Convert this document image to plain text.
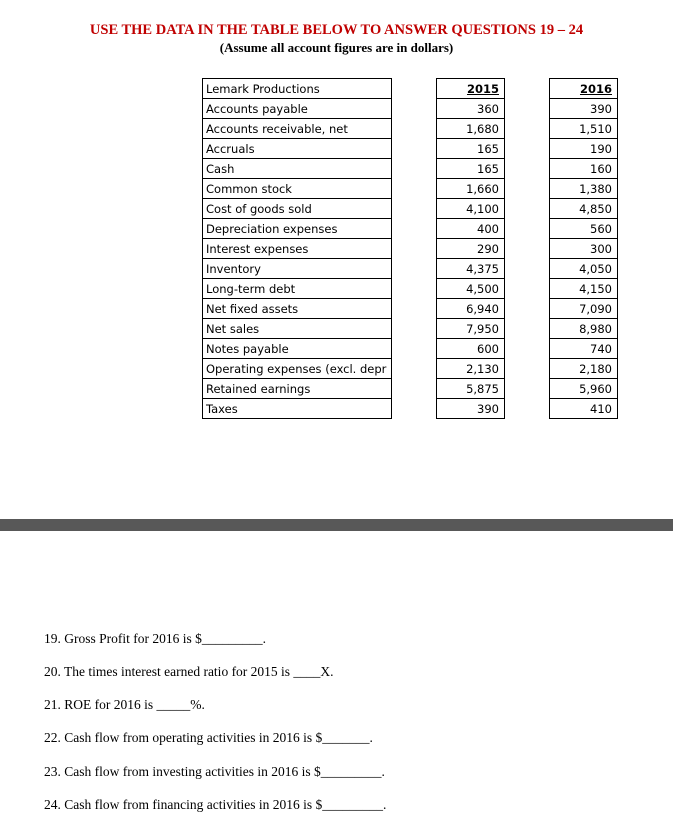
USE THE DATA IN THE TABLE BELOW TO ANSWER QUESTIONS 19 – 24
(Assume all account figures are in dollars)
Lemark Productions		2015		2016
Accounts payable		360		390
Accounts receivable, net		1,680		1,510
Accruals		165		190
Cash		165		160
Common stock		1,660		1,380
Cost of goods sold		4,100		4,850
Depreciation expenses		400		560
Interest expenses		290		300
Inventory		4,375		4,050
Long-term debt		4,500		4,150
Net fixed assets		6,940		7,090
Net sales		7,950		8,980
Notes payable		600		740
Operating expenses (excl. depr		2,130		2,180
Retained earnings		5,875		5,960
Taxes		390		410
19. Gross Profit for 2016 is $_________.
20. The times interest earned ratio for 2015 is ____X.
21. ROE for 2016 is _____%.
22. Cash flow from operating activities in 2016 is $_______.
23. Cash flow from investing activities in 2016 is $_________.
24. Cash flow from financing activities in 2016 is $_________.
